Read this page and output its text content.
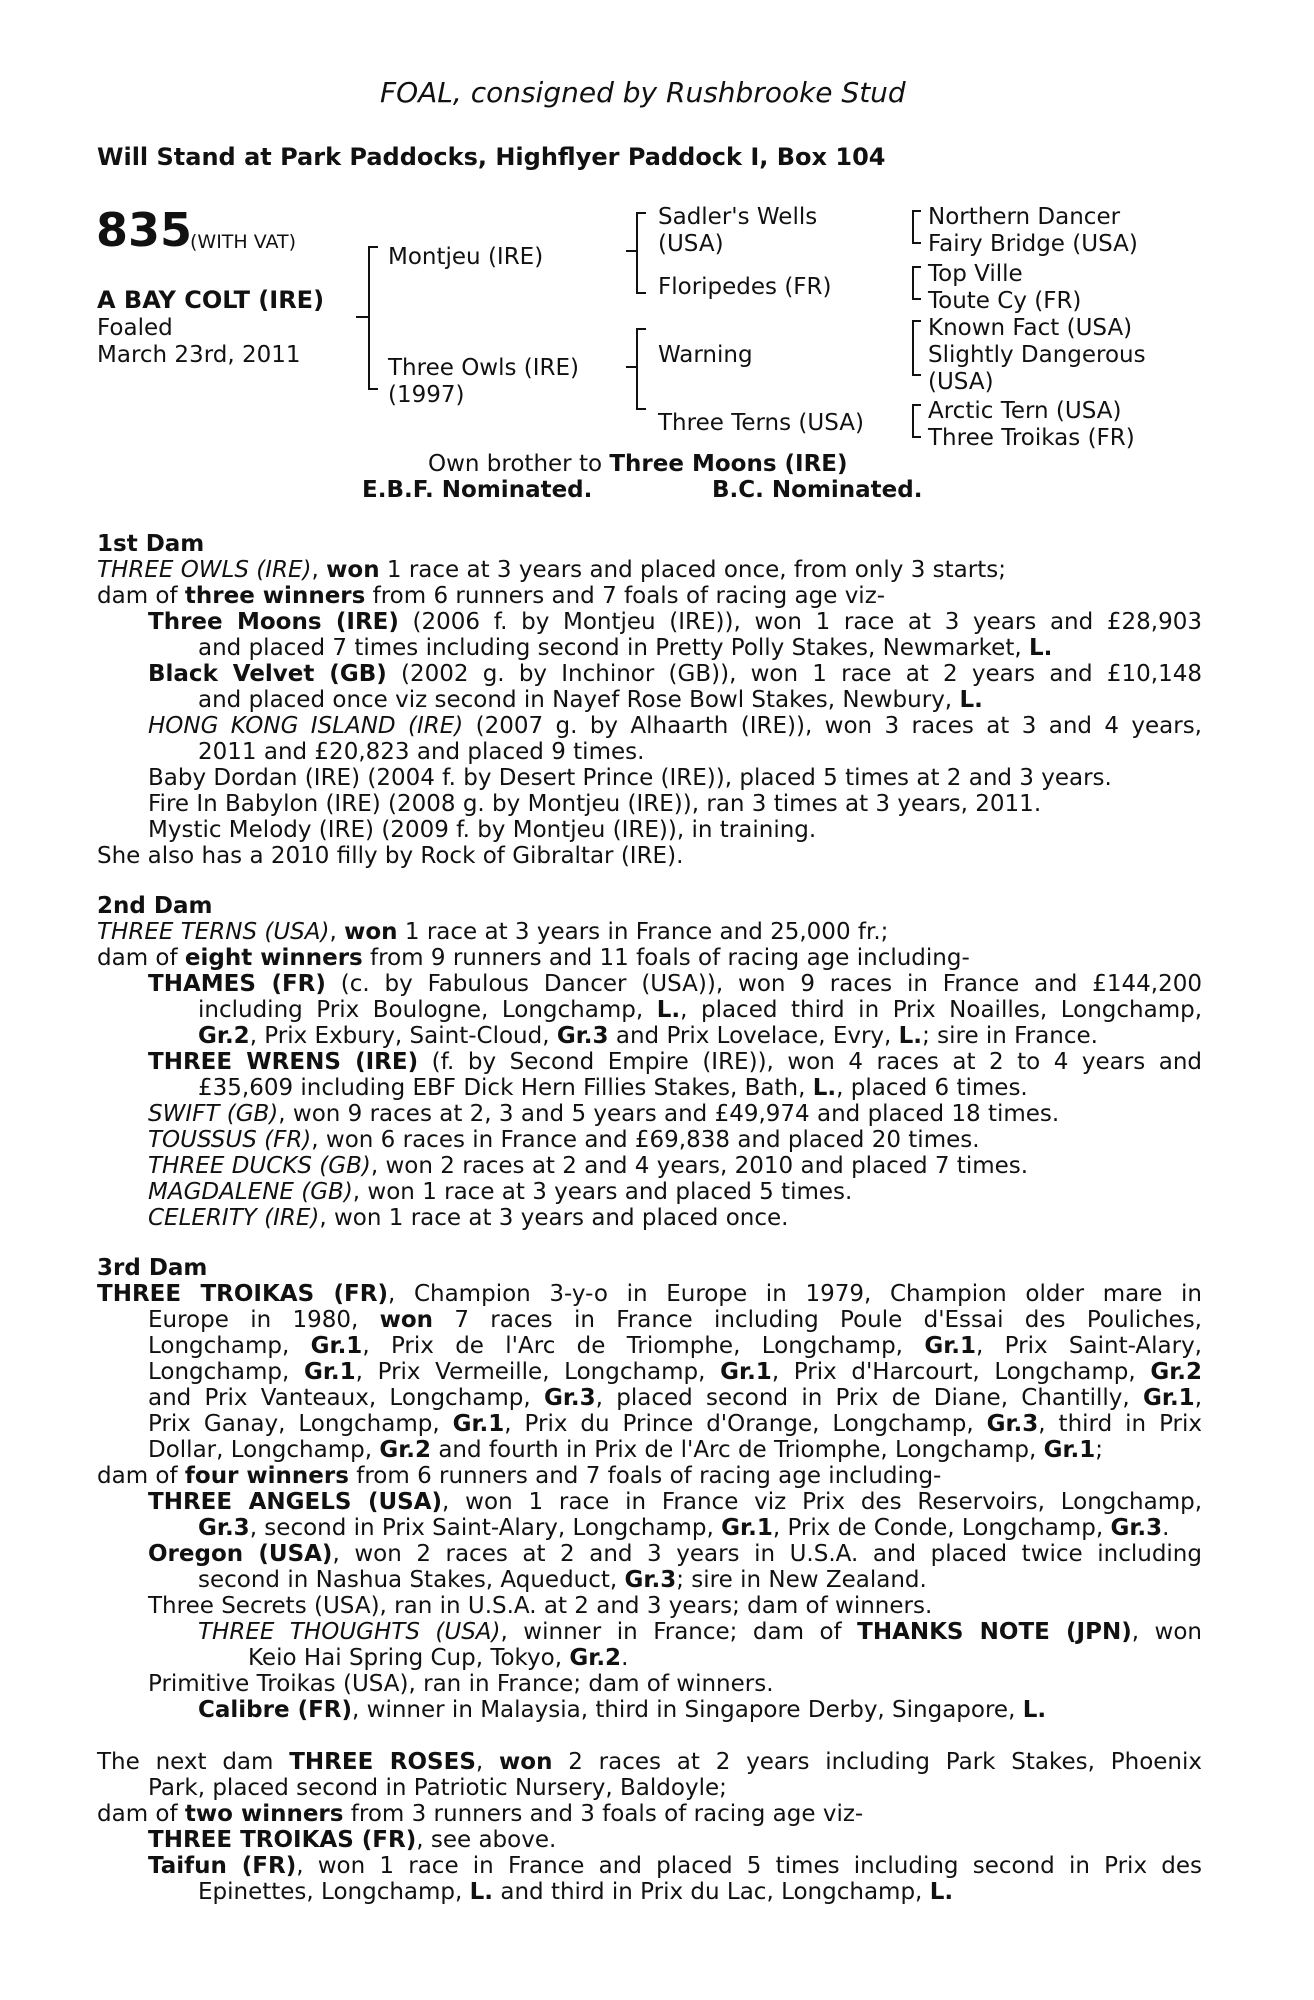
FOAL, consigned by Rushbrooke Stud
Will Stand at Park Paddocks, Highflyer Paddock I, Box 104
835
(WITH VAT)
A BAY COLT (IRE)
Foaled
March 23rd, 2011
Montjeu (IRE)
Three Owls (IRE)
(1997)
Sadler's Wells
(USA)
Floripedes (FR)
Warning
Three Terns (USA)
Northern Dancer
Fairy Bridge (USA)
Top Ville
Toute Cy (FR)
Known Fact (USA)
Slightly Dangerous
(USA)
Arctic Tern (USA)
Three Troikas (FR)
Own brother to Three Moons (IRE)
E.B.F. Nominated.	B.C. Nominated.
1st Dam
THREE OWLS (IRE), won 1 race at 3 years and placed once, from only 3 starts;
dam of three winners from 6 runners and 7 foals of racing age viz-
Three Moons (IRE) (2006 f. by Montjeu (IRE)), won 1 race at 3 years and £28,903
and placed 7 times including second in Pretty Polly Stakes, Newmarket, L.
Black Velvet (GB) (2002 g. by Inchinor (GB)), won 1 race at 2 years and £10,148
and placed once viz second in Nayef Rose Bowl Stakes, Newbury, L.
HONG KONG ISLAND (IRE) (2007 g. by Alhaarth (IRE)), won 3 races at 3 and 4 years,
2011 and £20,823 and placed 9 times.
Baby Dordan (IRE) (2004 f. by Desert Prince (IRE)), placed 5 times at 2 and 3 years.
Fire In Babylon (IRE) (2008 g. by Montjeu (IRE)), ran 3 times at 3 years, 2011.
Mystic Melody (IRE) (2009 f. by Montjeu (IRE)), in training.
She also has a 2010 filly by Rock of Gibraltar (IRE).
2nd Dam
THREE TERNS (USA), won 1 race at 3 years in France and 25,000 fr.;
dam of eight winners from 9 runners and 11 foals of racing age including-
THAMES (FR) (c. by Fabulous Dancer (USA)), won 9 races in France and £144,200
including Prix Boulogne, Longchamp, L., placed third in Prix Noailles, Longchamp,
Gr.2, Prix Exbury, Saint-Cloud, Gr.3 and Prix Lovelace, Evry, L.; sire in France.
THREE WRENS (IRE) (f. by Second Empire (IRE)), won 4 races at 2 to 4 years and
£35,609 including EBF Dick Hern Fillies Stakes, Bath, L., placed 6 times.
SWIFT (GB), won 9 races at 2, 3 and 5 years and £49,974 and placed 18 times.
TOUSSUS (FR), won 6 races in France and £69,838 and placed 20 times.
THREE DUCKS (GB), won 2 races at 2 and 4 years, 2010 and placed 7 times.
MAGDALENE (GB), won 1 race at 3 years and placed 5 times.
CELERITY (IRE), won 1 race at 3 years and placed once.
3rd Dam
THREE TROIKAS (FR), Champion 3-y-o in Europe in 1979, Champion older mare in
Europe in 1980, won 7 races in France including Poule d'Essai des Pouliches,
Longchamp, Gr.1, Prix de l'Arc de Triomphe, Longchamp, Gr.1, Prix Saint-Alary,
Longchamp, Gr.1, Prix Vermeille, Longchamp, Gr.1, Prix d'Harcourt, Longchamp, Gr.2
and Prix Vanteaux, Longchamp, Gr.3, placed second in Prix de Diane, Chantilly, Gr.1,
Prix Ganay, Longchamp, Gr.1, Prix du Prince d'Orange, Longchamp, Gr.3, third in Prix
Dollar, Longchamp, Gr.2 and fourth in Prix de l'Arc de Triomphe, Longchamp, Gr.1;
dam of four winners from 6 runners and 7 foals of racing age including-
THREE ANGELS (USA), won 1 race in France viz Prix des Reservoirs, Longchamp,
Gr.3, second in Prix Saint-Alary, Longchamp, Gr.1, Prix de Conde, Longchamp, Gr.3.
Oregon (USA), won 2 races at 2 and 3 years in U.S.A. and placed twice including
second in Nashua Stakes, Aqueduct, Gr.3; sire in New Zealand.
Three Secrets (USA), ran in U.S.A. at 2 and 3 years; dam of winners.
THREE THOUGHTS (USA), winner in France; dam of THANKS NOTE (JPN), won
Keio Hai Spring Cup, Tokyo, Gr.2.
Primitive Troikas (USA), ran in France; dam of winners.
Calibre (FR), winner in Malaysia, third in Singapore Derby, Singapore, L.
The next dam THREE ROSES, won 2 races at 2 years including Park Stakes, Phoenix
Park, placed second in Patriotic Nursery, Baldoyle;
dam of two winners from 3 runners and 3 foals of racing age viz-
THREE TROIKAS (FR), see above.
Taifun (FR), won 1 race in France and placed 5 times including second in Prix des
Epinettes, Longchamp, L. and third in Prix du Lac, Longchamp, L.
